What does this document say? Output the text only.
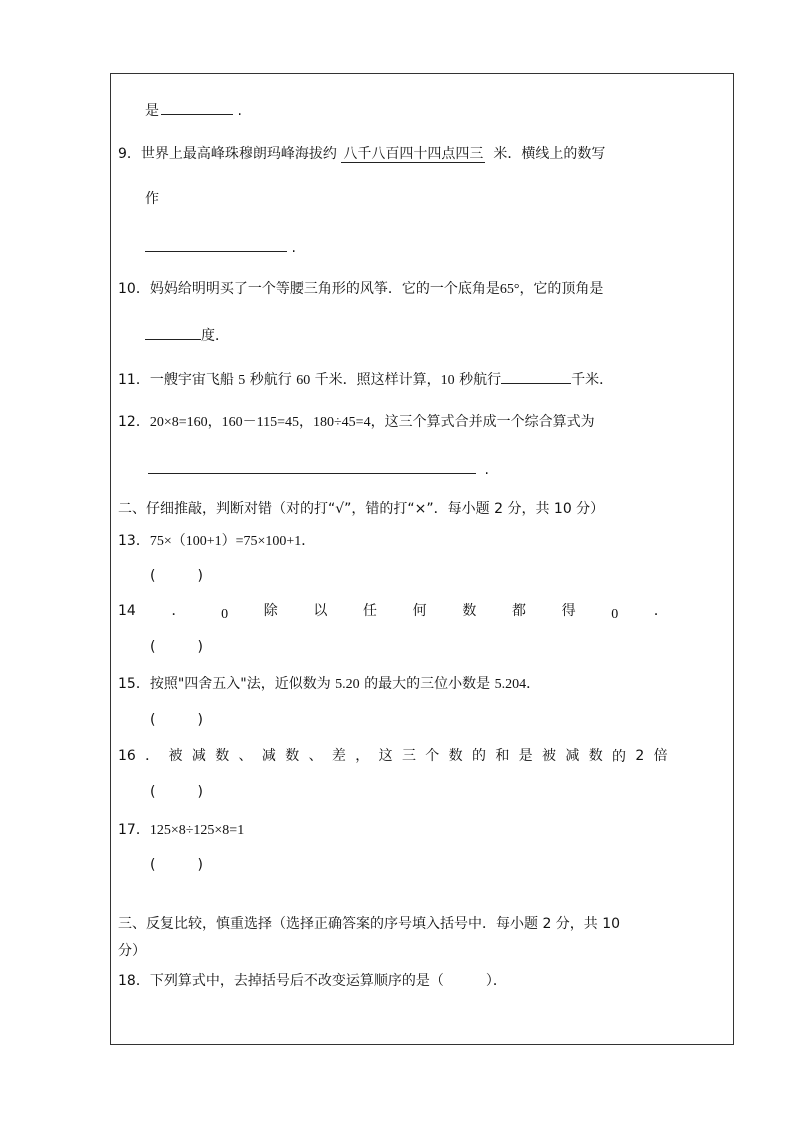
是	.
9．世界上最高峰珠穆朗玛峰海拔约 八千八百四十四点四三 米．横线上的数写
作
.
10．妈妈给明明买了一个等腰三角形的风筝．它的一个底角是65°，它的顶角是
度．
11．一艘宇宙飞船 5 秒航行 60 千米．照这样计算，10 秒航行	千米．
12．20×8=160，160－115=45，180÷45=4，这三个算式合并成一个综合算式为
.
二、仔细推敲，判断对错（对的打“√”，错的打“×”．每小题 2 分，共 10 分）
13．75×（100+1）=75×100+1．
(　　　)
14	．	0	除	以	任	何	数	都	得	0	．
(　　　)
15．按照"四舍五入"法，近似数为 5.20 的最大的三位小数是 5.204．
(　　　)
16 ． 被 减 数 、 减 数 、 差 ， 这 三 个 数 的 和 是 被 减 数 的 2 倍
(　　　)
17．125×8÷125×8=1
(　　　)
三、反复比较，慎重选择（选择正确答案的序号填入括号中．每小题 2 分，共 10
分）
18．下列算式中，去掉括号后不改变运算顺序的是（　　　）．
